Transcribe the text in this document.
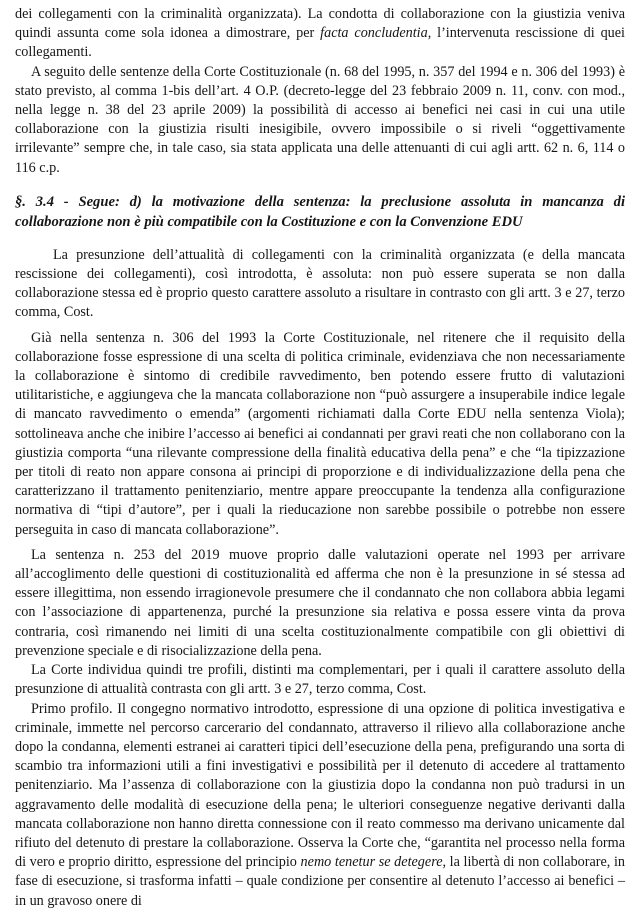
dei collegamenti con la criminalità organizzata). La condotta di collaborazione con la giustizia veniva quindi assunta come sola idonea a dimostrare, per facta concludentia, l’intervenuta rescissione di quei collegamenti.

A seguito delle sentenze della Corte Costituzionale (n. 68 del 1995, n. 357 del 1994 e n. 306 del 1993) è stato previsto, al comma 1-bis dell’art. 4 O.P. (decreto-legge del 23 febbraio 2009 n. 11, conv. con mod., nella legge n. 38 del 23 aprile 2009) la possibilità di accesso ai benefici nei casi in cui una utile collaborazione con la giustizia risulti inesigibile, ovvero impossibile o si riveli “oggettivamente irrilevante” sempre che, in tale caso, sia stata applicata una delle attenuanti di cui agli artt. 62 n. 6, 114 o 116 c.p.

§. 3.4 - Segue: d) la motivazione della sentenza: la preclusione assoluta in mancanza di collaborazione non è più compatibile con la Costituzione e con la Convenzione EDU

La presunzione dell’attualità di collegamenti con la criminalità organizzata (e della mancata rescissione dei collegamenti), così introdotta, è assoluta: non può essere superata se non dalla collaborazione stessa ed è proprio questo carattere assoluto a risultare in contrasto con gli artt. 3 e 27, terzo comma, Cost.

Già nella sentenza n. 306 del 1993 la Corte Costituzionale, nel ritenere che il requisito della collaborazione fosse espressione di una scelta di politica criminale, evidenziava che non necessariamente la collaborazione è sintomo di credibile ravvedimento, ben potendo essere frutto di valutazioni utilitaristiche, e aggiungeva che la mancata collaborazione non “può assurgere a insuperabile indice legale di mancato ravvedimento o emenda” (argomenti richiamati dalla Corte EDU nella sentenza Viola); sottolineava anche che inibire l’accesso ai benefici ai condannati per gravi reati che non collaborano con la giustizia comporta “una rilevante compressione della finalità educativa della pena” e che “la tipizzazione per titoli di reato non appare consona ai principi di proporzione e di individualizzazione della pena che caratterizzano il trattamento penitenziario, mentre appare preoccupante la tendenza alla configurazione normativa di “tipi d’autore”, per i quali la rieducazione non sarebbe possibile o potrebbe non essere perseguita in caso di mancata collaborazione”.

La sentenza n. 253 del 2019 muove proprio dalle valutazioni operate nel 1993 per arrivare all’accoglimento delle questioni di costituzionalità ed afferma che non è la presunzione in sé stessa ad essere illegittima, non essendo irragionevole presumere che il condannato che non collabora abbia legami con l’associazione di appartenenza, purché la presunzione sia relativa e possa essere vinta da prova contraria, così rimanendo nei limiti di una scelta costituzionalmente compatibile con gli obiettivi di prevenzione speciale e di risocializzazione della pena.

La Corte individua quindi tre profili, distinti ma complementari, per i quali il carattere assoluto della presunzione di attualità contrasta con gli artt. 3 e 27, terzo comma, Cost.

Primo profilo. Il congegno normativo introdotto, espressione di una opzione di politica investigativa e criminale, immette nel percorso carcerario del condannato, attraverso il rilievo alla collaborazione anche dopo la condanna, elementi estranei ai caratteri tipici dell’esecuzione della pena, prefigurando una sorta di scambio tra informazioni utili a fini investigativi e possibilità per il detenuto di accedere al trattamento penitenziario. Ma l’assenza di collaborazione con la giustizia dopo la condanna non può tradursi in un aggravamento delle modalità di esecuzione della pena; le ulteriori conseguenze negative derivanti dalla mancata collaborazione non hanno diretta connessione con il reato commesso ma derivano unicamente dal rifiuto del detenuto di prestare la collaborazione. Osserva la Corte che, “garantita nel processo nella forma di vero e proprio diritto, espressione del principio nemo tenetur se detegere, la libertà di non collaborare, in fase di esecuzione, si trasforma infatti – quale condizione per consentire al detenuto l’accesso ai benefici – in un gravoso onere di
